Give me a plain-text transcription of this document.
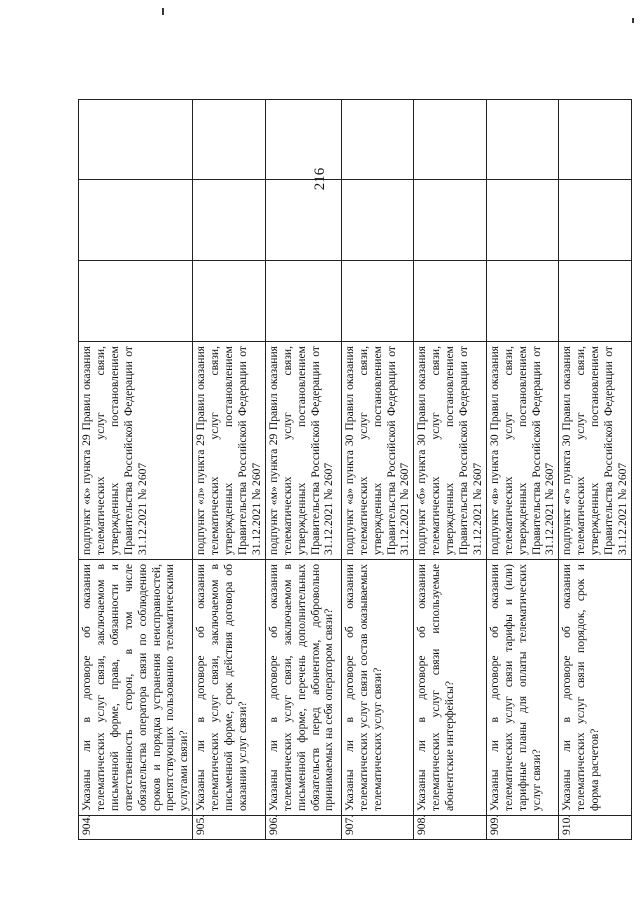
216
904.	Указаны ли в договоре об оказании телематических услуг связи, заключаемом в письменной форме, права, обязанности и ответственность сторон, в том числе обязательства оператора связи по соблюдению сроков и порядка устранения неисправностей, препятствующих пользованию телематическими услугами связи?	подпункт «к» пункта 29 Правил оказания телематических услуг связи, утвержденных постановлением Правительства Российской Федерации от 31.12.2021 № 2607			
905.	Указаны ли в договоре об оказании телематических услуг связи, заключаемом в письменной форме, срок действия договора об оказании услуг связи?	подпункт «л» пункта 29 Правил оказания телематических услуг связи, утвержденных постановлением Правительства Российской Федерации от 31.12.2021 № 2607			
906.	Указаны ли в договоре об оказании телематических услуг связи, заключаемом в письменной форме, перечень дополнительных обязательств перед абонентом, добровольно принимаемых на себя оператором связи?	подпункт «м» пункта 29 Правил оказания телематических услуг связи, утвержденных постановлением Правительства Российской Федерации от 31.12.2021 № 2607			
907.	Указаны ли в договоре об оказании телематических услуг связи состав оказываемых телематических услуг связи?	подпункт «а» пункта 30 Правил оказания телематических услуг связи, утвержденных постановлением Правительства Российской Федерации от 31.12.2021 № 2607			
908.	Указаны ли в договоре об оказании телематических услуг связи используемые абонентские интерфейсы?	подпункт «б» пункта 30 Правил оказания телематических услуг связи, утвержденных постановлением Правительства Российской Федерации от 31.12.2021 № 2607			
909.	Указаны ли в договоре об оказании телематических услуг связи тарифы и (или) тарифные планы для оплаты телематических услуг связи?	подпункт «в» пункта 30 Правил оказания телематических услуг связи, утвержденных постановлением Правительства Российской Федерации от 31.12.2021 № 2607			
910.	Указаны ли в договоре об оказании телематических услуг связи порядок, срок и форма расчетов?	подпункт «г» пункта 30 Правил оказания телематических услуг связи, утвержденных постановлением Правительства Российской Федерации от 31.12.2021 № 2607			
